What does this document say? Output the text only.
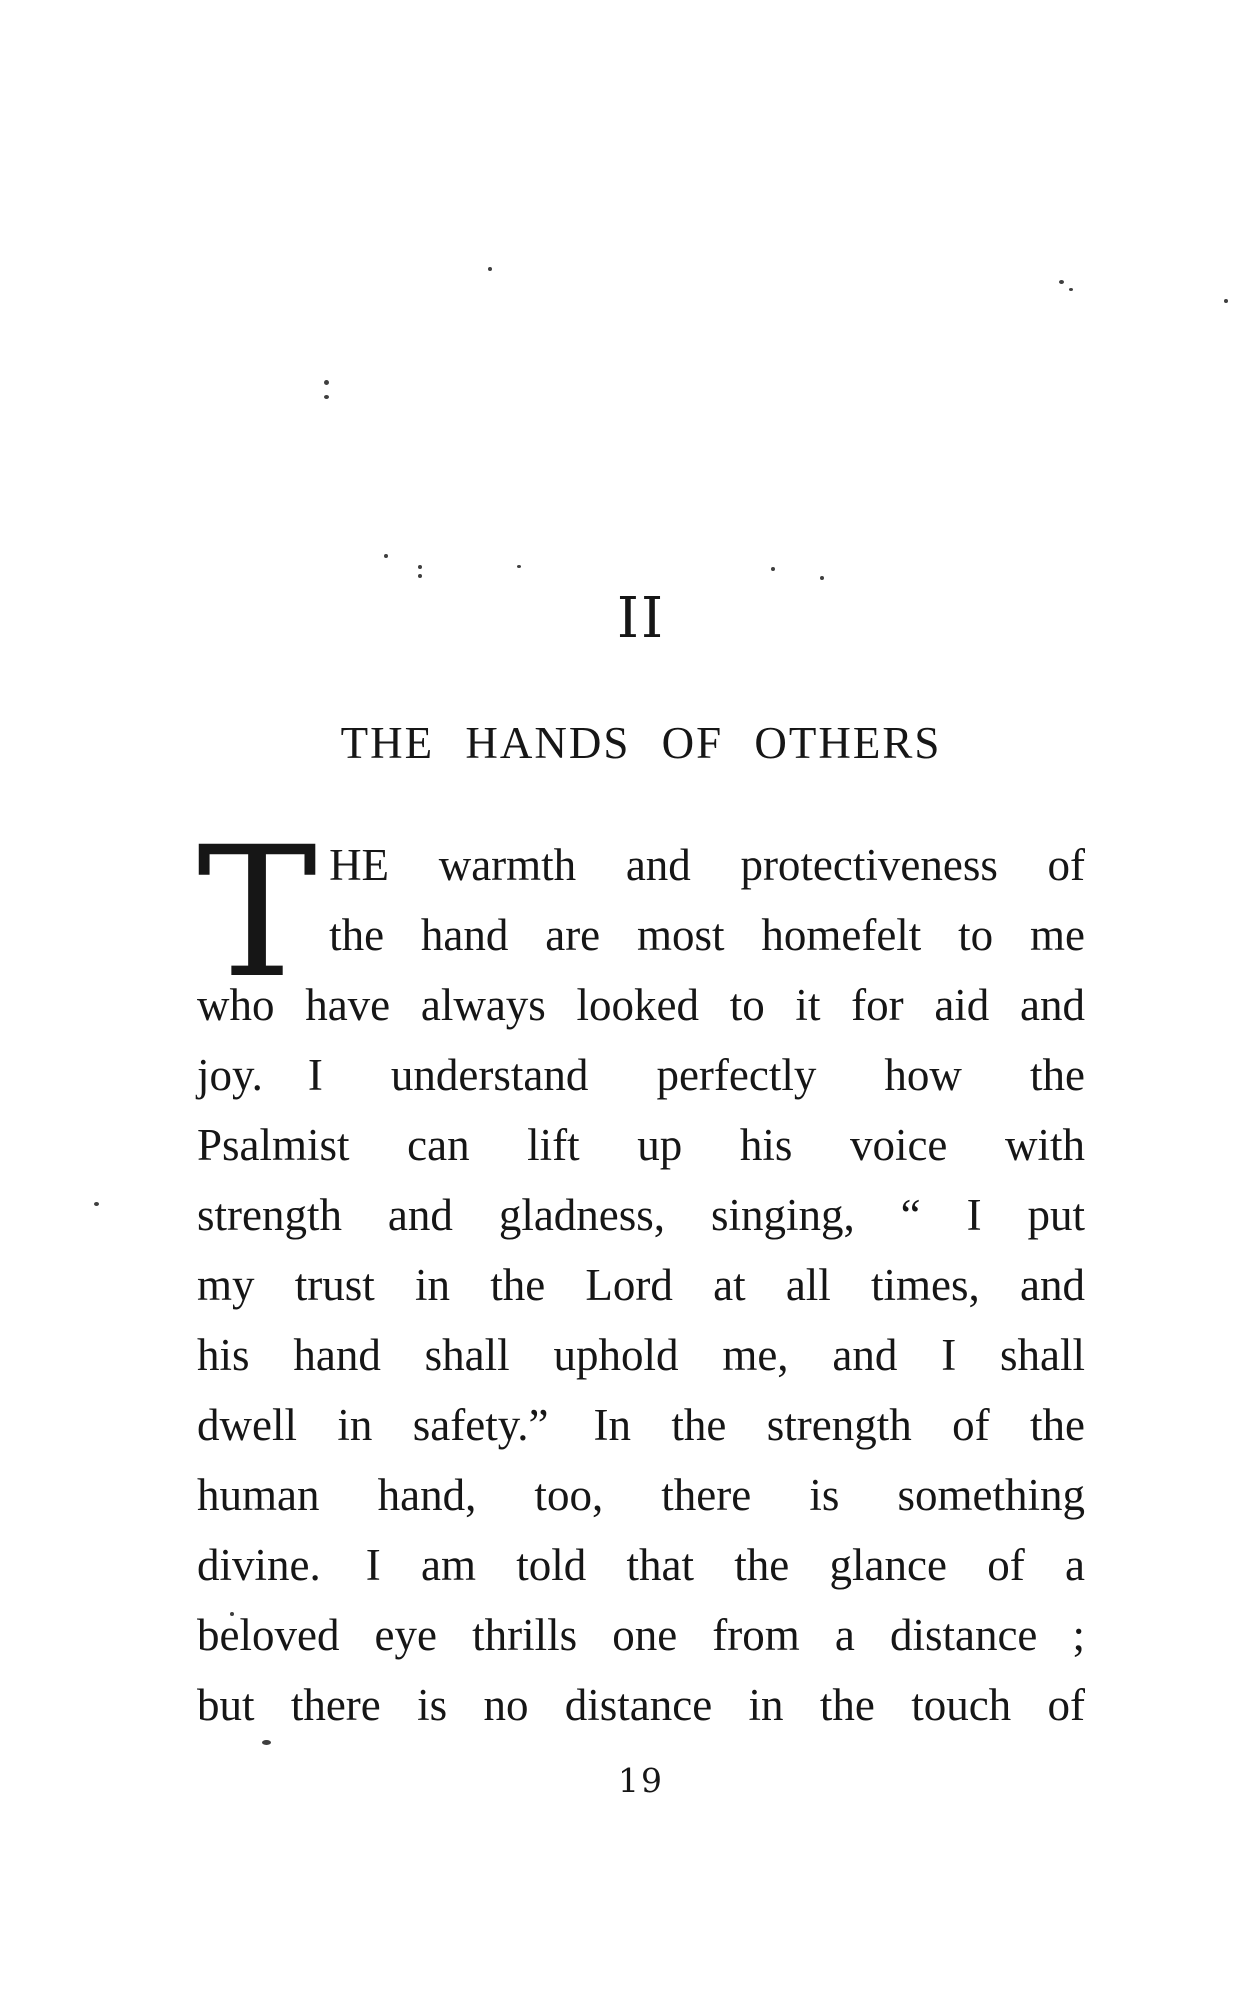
II
THE HANDS OF OTHERS
T HE warmth and protectiveness of
the hand are most homefelt to me
who have always looked to it for aid and
joy. I understand perfectly how the
Psalmist can lift up his voice with
strength and gladness, singing, “ I put
my trust in the Lord at all times, and
his hand shall uphold me, and I shall
dwell in safety.” In the strength of the
human hand, too, there is something
divine. I am told that the glance of a
beloved eye thrills one from a distance ;
but there is no distance in the touch of
19
